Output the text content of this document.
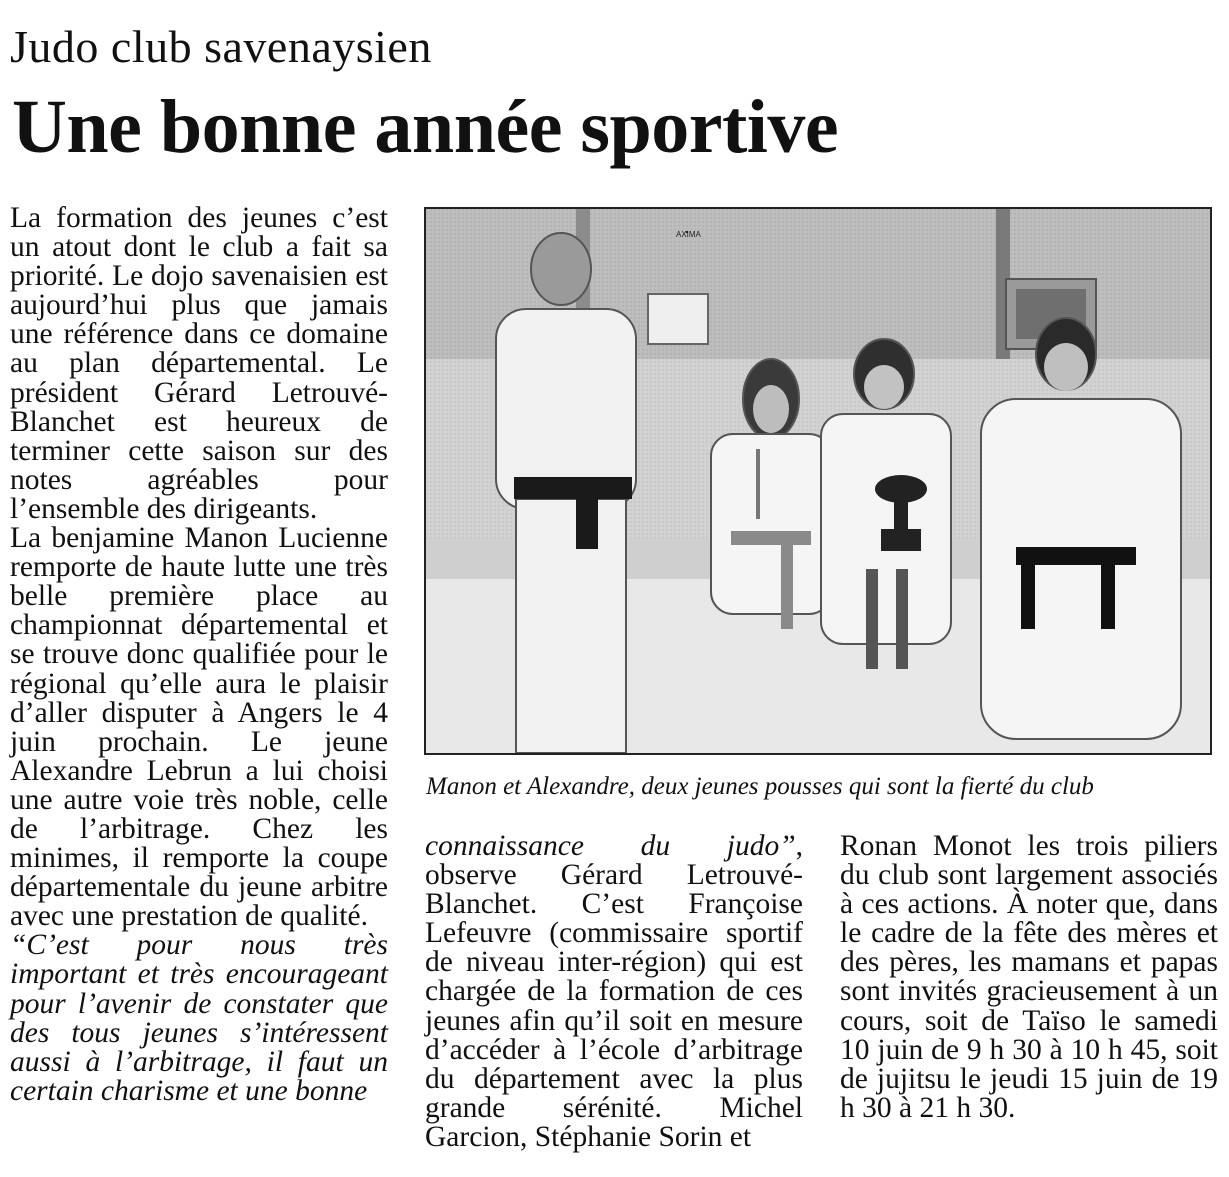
Judo club savenaysien
Une bonne année sportive

La formation des jeunes c’est un atout dont le club a fait sa priorité. Le dojo savenaisien est aujourd’hui plus que jamais une référence dans ce domaine au plan départemental. Le président Gérard Letrouvé-Blanchet est heureux de terminer cette saison sur des notes agréables pour l’ensemble des dirigeants.

La benjamine Manon Lucienne remporte de haute lutte une très belle première place au championnat départemental et se trouve donc qualifiée pour le régional qu’elle aura le plaisir d’aller disputer à Angers le 4 juin prochain. Le jeune Alexandre Lebrun a lui choisi une autre voie très noble, celle de l’arbitrage. Chez les minimes, il remporte la coupe départementale du jeune arbitre avec une prestation de qualité.

“C’est pour nous très important et très encourageant pour l’avenir de constater que des tous jeunes s’intéressent aussi à l’arbitrage, il faut un certain charisme et une bonne

AXIMA
Manon et Alexandre, deux jeunes pousses qui sont la fierté du club

connaissance du judo”, observe Gérard Letrouvé-Blanchet. C’est Françoise Lefeuvre (commissaire sportif de niveau inter-région) qui est chargée de la formation de ces jeunes afin qu’il soit en mesure d’accéder à l’école d’arbitrage du département avec la plus grande sérénité. Michel Garcion, Stéphanie Sorin et

Ronan Monot les trois piliers du club sont largement associés à ces actions. À noter que, dans le cadre de la fête des mères et des pères, les mamans et papas sont invités gracieusement à un cours, soit de Taïso le samedi 10 juin de 9 h 30 à 10 h 45, soit de jujitsu le jeudi 15 juin de 19 h 30 à 21 h 30.
